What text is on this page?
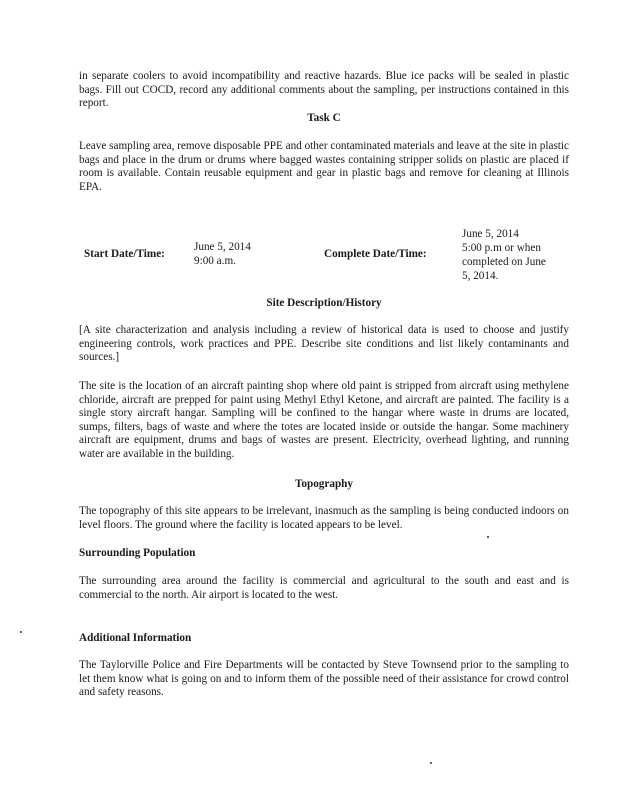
in separate coolers to avoid incompatibility and reactive hazards. Blue ice packs will be sealed in plastic bags. Fill out COCD, record any additional comments about the sampling, per instructions contained in this report.

Task C

Leave sampling area, remove disposable PPE and other contaminated materials and leave at the site in plastic bags and place in the drum or drums where bagged wastes containing stripper solids on plastic are placed if room is available. Contain reusable equipment and gear in plastic bags and remove for cleaning at Illinois EPA.

Start Date/Time:

June 5, 2014

9:00 a.m.

Complete Date/Time:

June 5, 2014

5:00 p.m or when

completed on June

5, 2014.

Site Description/History

[A site characterization and analysis including a review of historical data is used to choose and justify engineering controls, work practices and PPE. Describe site conditions and list likely contaminants and sources.]

The site is the location of an aircraft painting shop where old paint is stripped from aircraft using methylene chloride, aircraft are prepped for paint using Methyl Ethyl Ketone, and aircraft are painted. The facility is a single story aircraft hangar. Sampling will be confined to the hangar where waste in drums are located, sumps, filters, bags of waste and where the totes are located inside or outside the hangar. Some machinery aircraft are equipment, drums and bags of wastes are present. Electricity, overhead lighting, and running water are available in the building.

Topography

The topography of this site appears to be irrelevant, inasmuch as the sampling is being conducted indoors on level floors. The ground where the facility is located appears to be level.

Surrounding Population

The surrounding area around the facility is commercial and agricultural to the south and east and is commercial to the north. Air airport is located to the west.

Additional Information

The Taylorville Police and Fire Departments will be contacted by Steve Townsend prior to the sampling to let them know what is going on and to inform them of the possible need of their assistance for crowd control and safety reasons.
